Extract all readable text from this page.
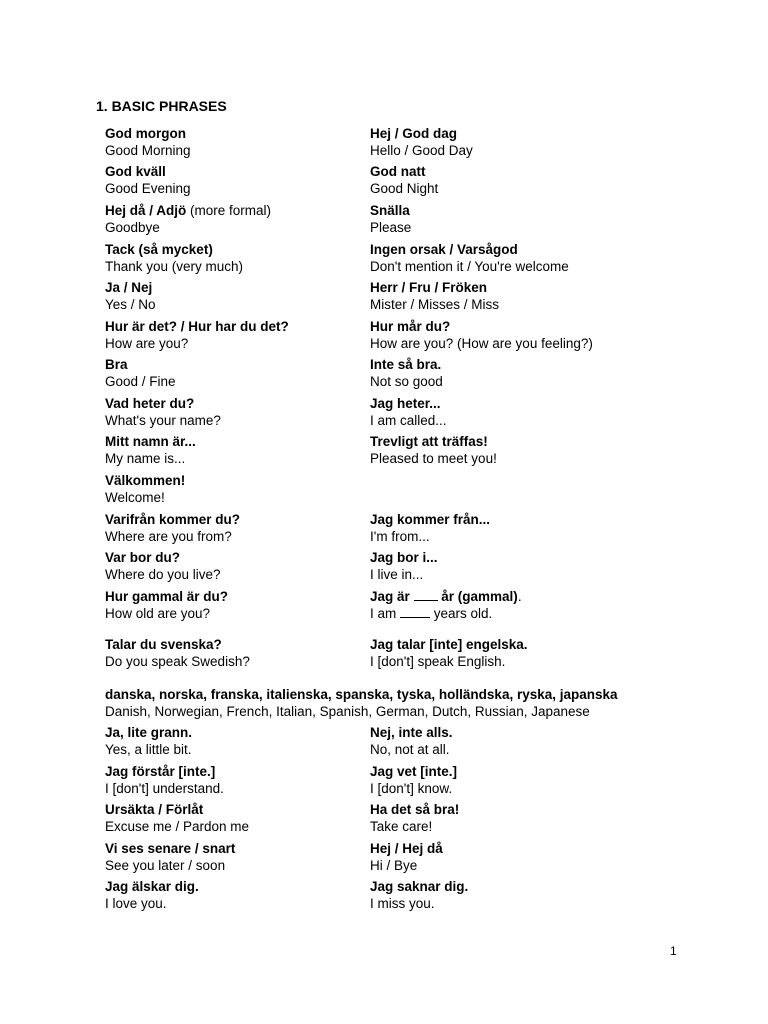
1. BASIC PHRASES
God morgon
Good Morning
God kväll
Good Evening
Hej då / Adjö (more formal)
Goodbye
Tack (så mycket)
Thank you (very much)
Ja / Nej
Yes / No
Hur är det? / Hur har du det?
How are you?
Bra
Good / Fine
Vad heter du?
What's your name?
Mitt namn är...
My name is...
Välkommen!
Welcome!
Varifrån kommer du?
Where are you from?
Var bor du?
Where do you live?
Hur gammal är du?
How old are you?
Talar du svenska?
Do you speak Swedish?
danska, norska, franska, italienska, spanska, tyska, holländska, ryska, japanska
Danish, Norwegian, French, Italian, Spanish, German, Dutch, Russian, Japanese
Ja, lite grann.
Yes, a little bit.
Jag förstår [inte.]
I [don't] understand.
Ursäkta / Förlåt
Excuse me / Pardon me
Vi ses senare / snart
See you later / soon
Jag älskar dig.
I love you.
Hej / God dag
Hello / Good Day
God natt
Good Night
Snälla
Please
Ingen orsak / Varsågod
Don't mention it / You're welcome
Herr / Fru / Fröken
Mister / Misses / Miss
Hur mår du?
How are you? (How are you feeling?)
Inte så bra.
Not so good
Jag heter...
I am called...
Trevligt att träffas!
Pleased to meet you!
Jag kommer från...
I'm from...
Jag bor i...
I live in...
Jag är  år (gammal).
I am  years old.
Jag talar [inte] engelska.
I [don't] speak English.
Nej, inte alls.
No, not at all.
Jag vet [inte.]
I [don't] know.
Ha det så bra!
Take care!
Hej / Hej då
Hi / Bye
Jag saknar dig.
I miss you.
1
